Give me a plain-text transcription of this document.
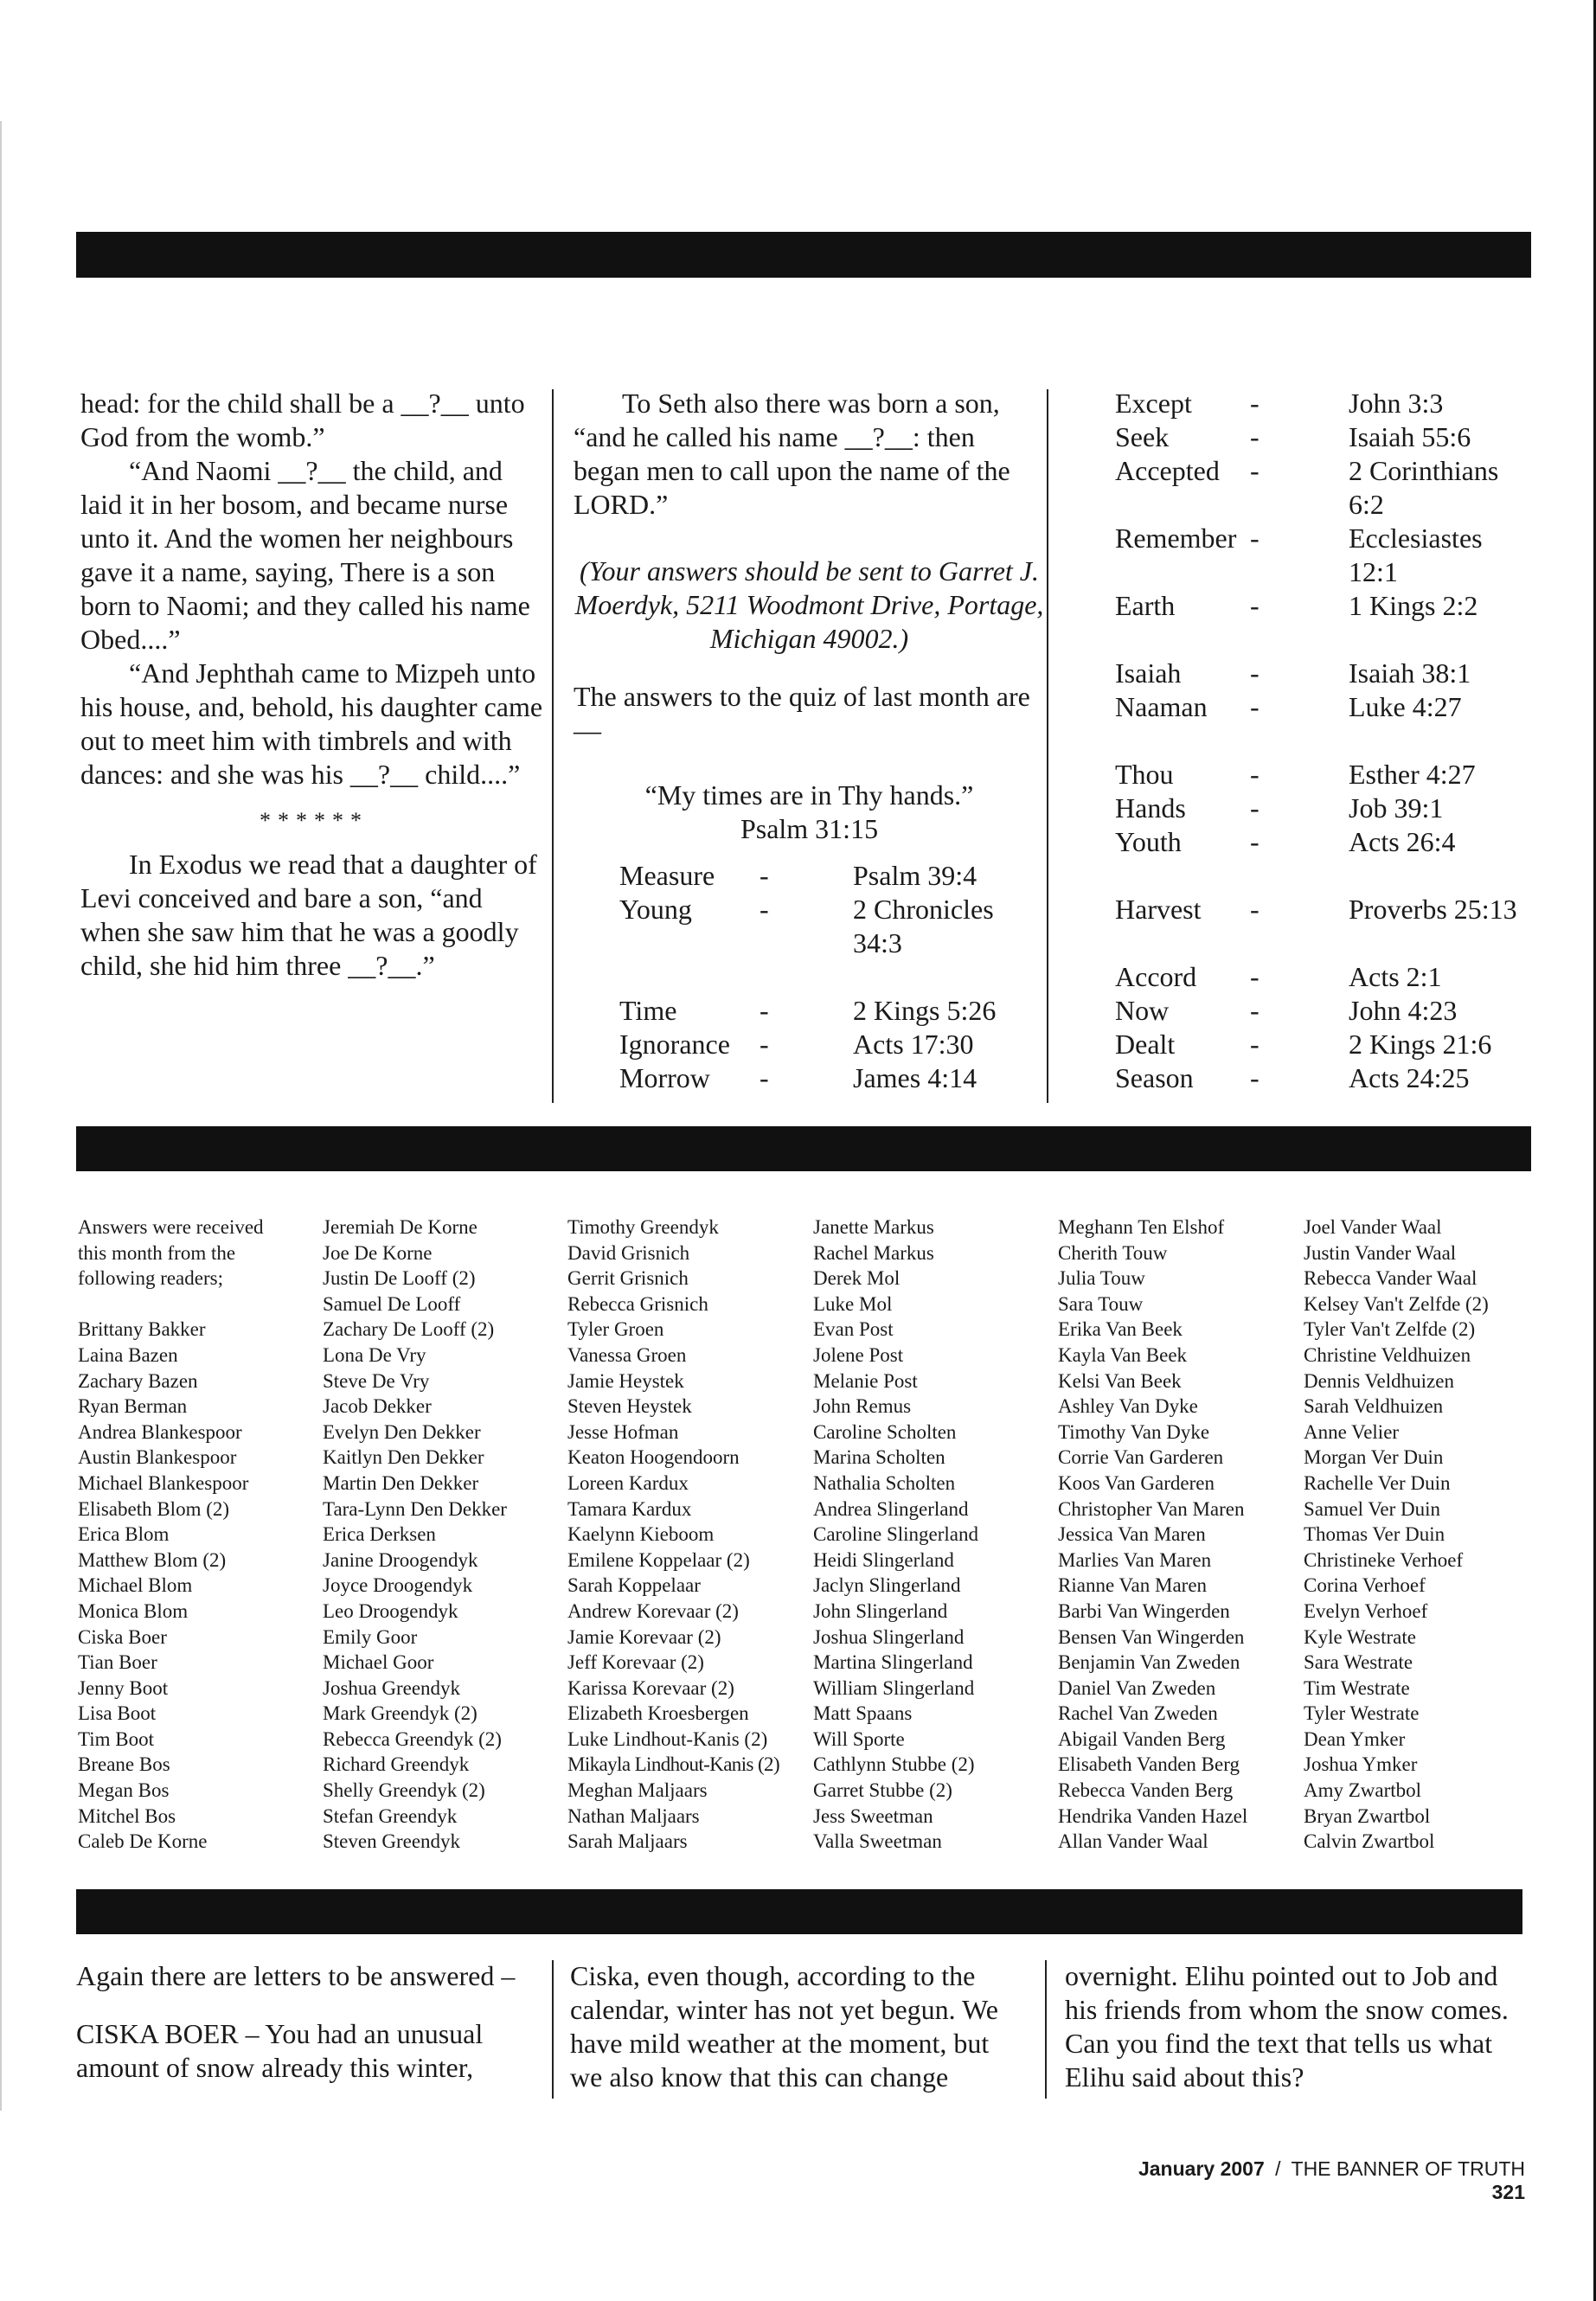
head: for the child shall be a __?__ unto God from the womb.”

“And Naomi __?__ the child, and laid it in her bosom, and became nurse unto it. And the women her neighbours gave it a name, saying, There is a son born to Naomi; and they called his name Obed....”

“And Jephthah came to Mizpeh unto his house, and, behold, his daughter came out to meet him with timbrels and with dances: and she was his __?__ child....”

******

In Exodus we read that a daughter of Levi conceived and bare a son, “and when she saw him that he was a goodly child, she hid him three __?__.”

To Seth also there was born a son, “and he called his name __?__: then began men to call upon the name of the LORD.”

(Your answers should be sent to Garret J. Moerdyk, 5211 Woodmont Drive, Portage, Michigan 49002.)

The answers to the quiz of last month are—

“My times are in Thy hands.”

Psalm 31:15

Measure -	Psalm 39:4
Young -	2 Chronicles 34:3
Time	-	2 Kings 5:26
Ignorance -	Acts 17:30
Morrow -	James 4:14
Except -	John 3:3
Seek	-	Isaiah 55:6
Accepted -	2 Corinthians 6:2
Remember -	Ecclesiastes 12:1
Earth	-	1 Kings 2:2
Isaiah -	Isaiah 38:1
Naaman -	Luke 4:27
Thou	-	Esther 4:27
Hands -	Job 39:1
Youth -	Acts 26:4
Harvest -	Proverbs 25:13
Accord -	Acts 2:1
Now	-	John 4:23
Dealt	-	2 Kings 21:6
Season -	Acts 24:25
Answers were received
this month from the
following readers;

Brittany Bakker
Laina Bazen
Zachary Bazen
Ryan Berman
Andrea Blankespoor
Austin Blankespoor
Michael Blankespoor
Elisabeth Blom (2)
Erica Blom
Matthew Blom (2)
Michael Blom
Monica Blom
Ciska Boer
Tian Boer
Jenny Boot
Lisa Boot
Tim Boot
Breane Bos
Megan Bos
Mitchel Bos
Caleb De Korne
Jeremiah De Korne
Joe De Korne
Justin De Looff (2)
Samuel De Looff
Zachary De Looff (2)
Lona De Vry
Steve De Vry
Jacob Dekker
Evelyn Den Dekker
Kaitlyn Den Dekker
Martin Den Dekker
Tara-Lynn Den Dekker
Erica Derksen
Janine Droogendyk
Joyce Droogendyk
Leo Droogendyk
Emily Goor
Michael Goor
Joshua Greendyk
Mark Greendyk (2)
Rebecca Greendyk (2)
Richard Greendyk
Shelly Greendyk (2)
Stefan Greendyk
Steven Greendyk
Timothy Greendyk
David Grisnich
Gerrit Grisnich
Rebecca Grisnich
Tyler Groen
Vanessa Groen
Jamie Heystek
Steven Heystek
Jesse Hofman
Keaton Hoogendoorn
Loreen Kardux
Tamara Kardux
Kaelynn Kieboom
Emilene Koppelaar (2)
Sarah Koppelaar
Andrew Korevaar (2)
Jamie Korevaar (2)
Jeff Korevaar (2)
Karissa Korevaar (2)
Elizabeth Kroesbergen
Luke Lindhout-Kanis (2)
Mikayla Lindhout-Kanis (2)
Meghan Maljaars
Nathan Maljaars
Sarah Maljaars
Janette Markus
Rachel Markus
Derek Mol
Luke Mol
Evan Post
Jolene Post
Melanie Post
John Remus
Caroline Scholten
Marina Scholten
Nathalia Scholten
Andrea Slingerland
Caroline Slingerland
Heidi Slingerland
Jaclyn Slingerland
John Slingerland
Joshua Slingerland
Martina Slingerland
William Slingerland
Matt Spaans
Will Sporte
Cathlynn Stubbe (2)
Garret Stubbe (2)
Jess Sweetman
Valla Sweetman
Meghann Ten Elshof
Cherith Touw
Julia Touw
Sara Touw
Erika Van Beek
Kayla Van Beek
Kelsi Van Beek
Ashley Van Dyke
Timothy Van Dyke
Corrie Van Garderen
Koos Van Garderen
Christopher Van Maren
Jessica Van Maren
Marlies Van Maren
Rianne Van Maren
Barbi Van Wingerden
Bensen Van Wingerden
Benjamin Van Zweden
Daniel Van Zweden
Rachel Van Zweden
Abigail Vanden Berg
Elisabeth Vanden Berg
Rebecca Vanden Berg
Hendrika Vanden Hazel
Allan Vander Waal
Joel Vander Waal
Justin Vander Waal
Rebecca Vander Waal
Kelsey Van't Zelfde (2)
Tyler Van't Zelfde (2)
Christine Veldhuizen
Dennis Veldhuizen
Sarah Veldhuizen
Anne Velier
Morgan Ver Duin
Rachelle Ver Duin
Samuel Ver Duin
Thomas Ver Duin
Christineke Verhoef
Corina Verhoef
Evelyn Verhoef
Kyle Westrate
Sara Westrate
Tim Westrate
Tyler Westrate
Dean Ymker
Joshua Ymker
Amy Zwartbol
Bryan Zwartbol
Calvin Zwartbol

Again there are letters to be answered –

CISKA BOER – You had an unusual amount of snow already this winter,

Ciska, even though, according to the calendar, winter has not yet begun. We have mild weather at the moment, but we also know that this can change

overnight. Elihu pointed out to Job and his friends from whom the snow comes. Can you find the text that tells us what Elihu said about this?

January 2007 / THE BANNER OF TRUTH 321
